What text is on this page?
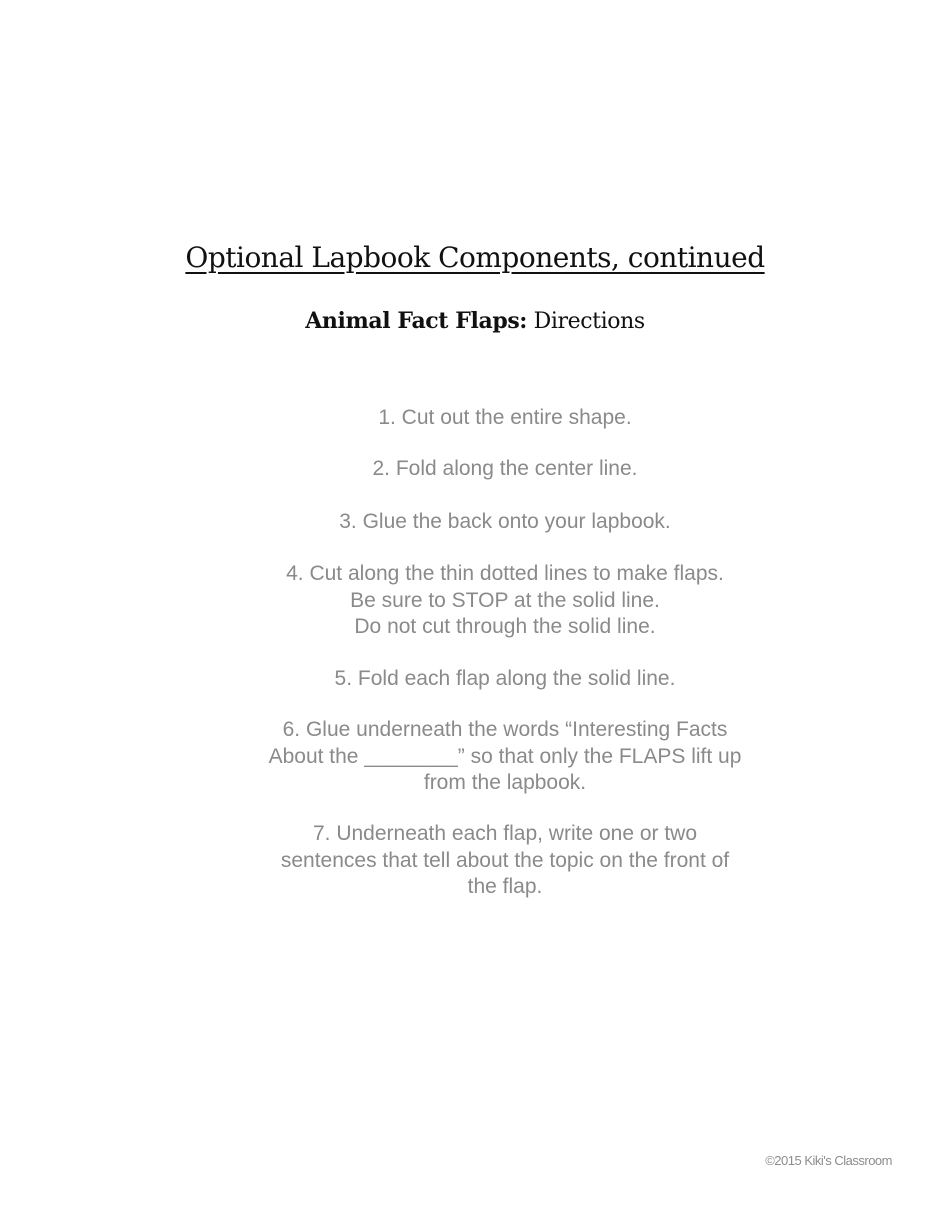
Optional Lapbook Components, continued
Animal Fact Flaps: Directions
1. Cut out the entire shape.
2. Fold along the center line.
3. Glue the back onto your lapbook.
4. Cut along the thin dotted lines to make flaps.
Be sure to STOP at the solid line.
Do not cut through the solid line.
5. Fold each flap along the solid line.
6. Glue underneath the words “Interesting Facts
About the ________” so that only the FLAPS lift up
from the lapbook.
7. Underneath each flap, write one or two
sentences that tell about the topic on the front of
the flap.
©2015 Kiki's Classroom
